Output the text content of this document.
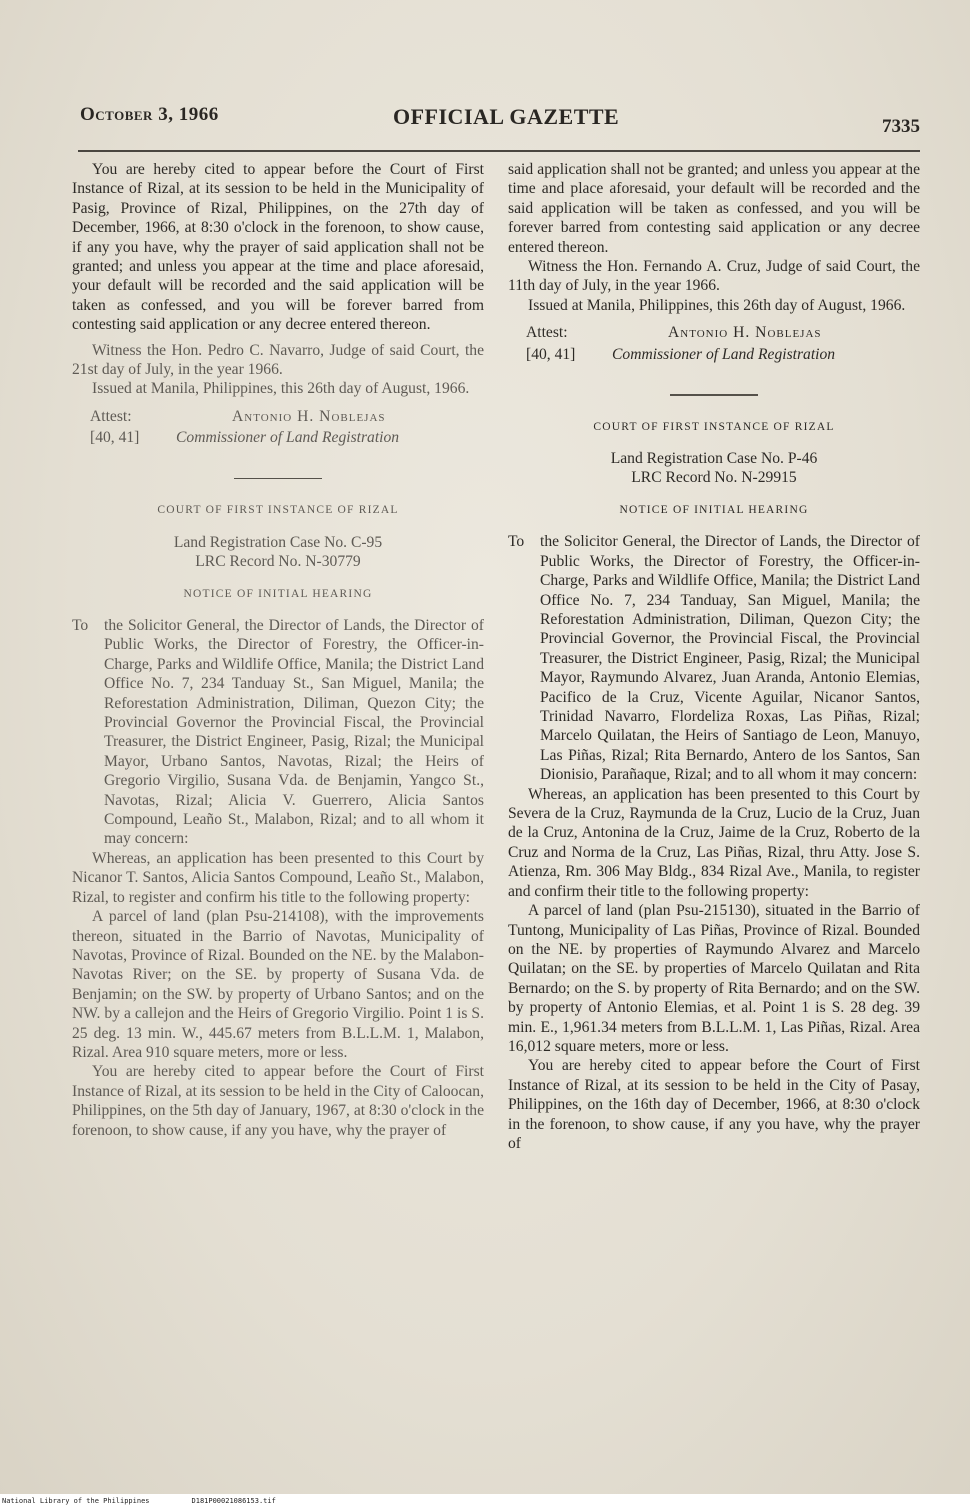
October 3, 1966	OFFICIAL GAZETTE	7335

You are hereby cited to appear before the Court of First Instance of Rizal, at its session to be held in the Municipality of Pasig, Province of Rizal, Philippines, on the 27th day of December, 1966, at 8:30 o'clock in the forenoon, to show cause, if any you have, why the prayer of said application shall not be granted; and unless you appear at the time and place aforesaid, your default will be recorded and the said application will be taken as confessed, and you will be forever barred from contesting said application or any decree entered thereon.

Witness the Hon. Pedro C. Navarro, Judge of said Court, the 21st day of July, in the year 1966.

Issued at Manila, Philippines, this 26th day of August, 1966.

Attest:	Antonio H. Noblejas
[40, 41]	Commissioner of Land Registration
COURT OF FIRST INSTANCE OF RIZAL
Land Registration Case No. C-95
LRC Record No. N-30779
NOTICE OF INITIAL HEARING
To	the Solicitor General, the Director of Lands, the Director of Public Works, the Director of Forestry, the Officer-in-Charge, Parks and Wildlife Office, Manila; the District Land Office No. 7, 234 Tanduay St., San Miguel, Manila; the Reforestation Administration, Diliman, Quezon City; the Provincial Governor the Provincial Fiscal, the Provincial Treasurer, the District Engineer, Pasig, Rizal; the Municipal Mayor, Urbano Santos, Navotas, Rizal; the Heirs of Gregorio Virgilio, Susana Vda. de Benjamin, Yangco St., Navotas, Rizal; Alicia V. Guerrero, Alicia Santos Compound, Leaño St., Malabon, Rizal; and to all whom it may concern:

Whereas, an application has been presented to this Court by Nicanor T. Santos, Alicia Santos Compound, Leaño St., Malabon, Rizal, to register and confirm his title to the following property:

A parcel of land (plan Psu-214108), with the improvements thereon, situated in the Barrio of Navotas, Municipality of Navotas, Province of Rizal. Bounded on the NE. by the Malabon-Navotas River; on the SE. by property of Susana Vda. de Benjamin; on the SW. by property of Urbano Santos; and on the NW. by a callejon and the Heirs of Gregorio Virgilio. Point 1 is S. 25 deg. 13 min. W., 445.67 meters from B.L.L.M. 1, Malabon, Rizal. Area 910 square meters, more or less.

You are hereby cited to appear before the Court of First Instance of Rizal, at its session to be held in the City of Caloocan, Philippines, on the 5th day of January, 1967, at 8:30 o'clock in the forenoon, to show cause, if any you have, why the prayer of

said application shall not be granted; and unless you appear at the time and place aforesaid, your default will be recorded and the said application will be taken as confessed, and you will be forever barred from contesting said application or any decree entered thereon.

Witness the Hon. Fernando A. Cruz, Judge of said Court, the 11th day of July, in the year 1966.

Issued at Manila, Philippines, this 26th day of August, 1966.

Attest:	Antonio H. Noblejas
[40, 41]	Commissioner of Land Registration
COURT OF FIRST INSTANCE OF RIZAL
Land Registration Case No. P-46
LRC Record No. N-29915
NOTICE OF INITIAL HEARING
To	the Solicitor General, the Director of Lands, the Director of Public Works, the Director of Forestry, the Officer-in-Charge, Parks and Wildlife Office, Manila; the District Land Office No. 7, 234 Tanduay, San Miguel, Manila; the Reforestation Administration, Diliman, Quezon City; the Provincial Governor, the Provincial Fiscal, the Provincial Treasurer, the District Engineer, Pasig, Rizal; the Municipal Mayor, Raymundo Alvarez, Juan Aranda, Antonio Elemias, Pacifico de la Cruz, Vicente Aguilar, Nicanor Santos, Trinidad Navarro, Flordeliza Roxas, Las Piñas, Rizal; Marcelo Quilatan, the Heirs of Santiago de Leon, Manuyo, Las Piñas, Rizal; Rita Bernardo, Antero de los Santos, San Dionisio, Parañaque, Rizal; and to all whom it may concern:

Whereas, an application has been presented to this Court by Severa de la Cruz, Raymunda de la Cruz, Lucio de la Cruz, Juan de la Cruz, Antonina de la Cruz, Jaime de la Cruz, Roberto de la Cruz and Norma de la Cruz, Las Piñas, Rizal, thru Atty. Jose S. Atienza, Rm. 306 May Bldg., 834 Rizal Ave., Manila, to register and confirm their title to the following property:

A parcel of land (plan Psu-215130), situated in the Barrio of Tuntong, Municipality of Las Piñas, Province of Rizal. Bounded on the NE. by properties of Raymundo Alvarez and Marcelo Quilatan; on the SE. by properties of Marcelo Quilatan and Rita Bernardo; on the S. by property of Rita Bernardo; and on the SW. by property of Antonio Elemias, et al. Point 1 is S. 28 deg. 39 min. E., 1,961.34 meters from B.L.L.M. 1, Las Piñas, Rizal. Area 16,012 square meters, more or less.

You are hereby cited to appear before the Court of First Instance of Rizal, at its session to be held in the City of Pasay, Philippines, on the 16th day of December, 1966, at 8:30 o'clock in the forenoon, to show cause, if any you have, why the prayer of

National Library of the Philippines	D181P00021086153.tif
